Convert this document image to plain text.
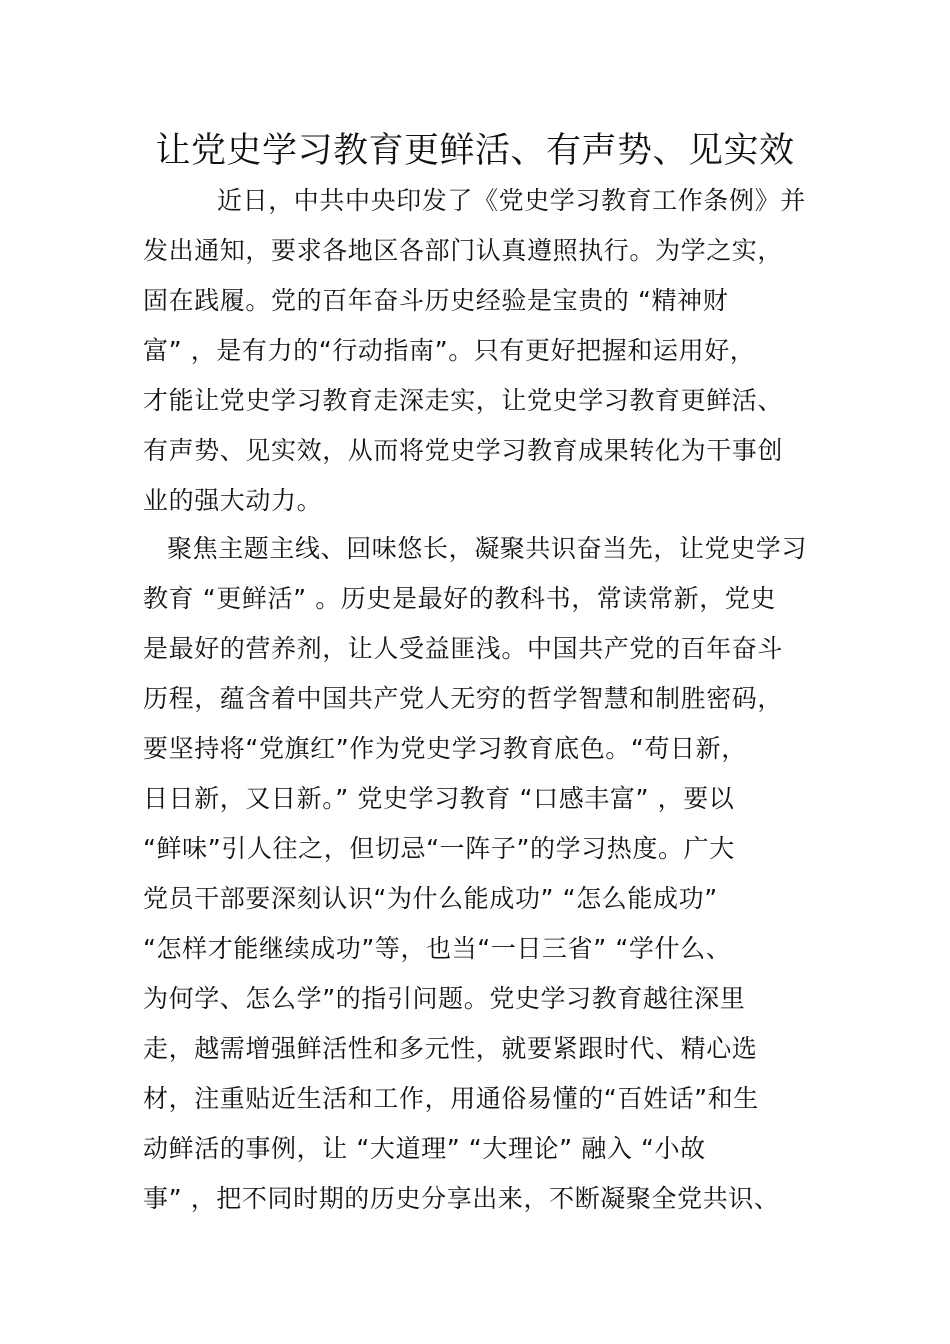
让党史学习教育更鲜活、有声势、见实效
近日，中共中央印发了《党史学习教育工作条例》并
发出通知，要求各地区各部门认真遵照执行。为学之实，
固在践履。党的百年奋斗历史经验是宝贵的 “精神财
富” ，是有力的“行动指南”。只有更好把握和运用好，
才能让党史学习教育走深走实，让党史学习教育更鲜活、
有声势、见实效，从而将党史学习教育成果转化为干事创
业的强大动力。
聚焦主题主线、回味悠长，凝聚共识奋当先，让党史学习
教育 “更鲜活” 。历史是最好的教科书，常读常新，党史
是最好的营养剂，让人受益匪浅。中国共产党的百年奋斗
历程，蕴含着中国共产党人无穷的哲学智慧和制胜密码，
要坚持将“党旗红”作为党史学习教育底色。“苟日新，
日日新，又日新。” 党史学习教育 “口感丰富” ，要以
“鲜味”引人往之，但切忌“一阵子”的学习热度。广大
党员干部要深刻认识“为什么能成功” “怎么能成功”
“怎样才能继续成功”等，也当“一日三省” “学什么、
为何学、怎么学”的指引问题。党史学习教育越往深里
走，越需增强鲜活性和多元性，就要紧跟时代、精心选
材，注重贴近生活和工作，用通俗易懂的“百姓话”和生
动鲜活的事例，让 “大道理” “大理论” 融入 “小故
事” ，把不同时期的历史分享出来，不断凝聚全党共识、
